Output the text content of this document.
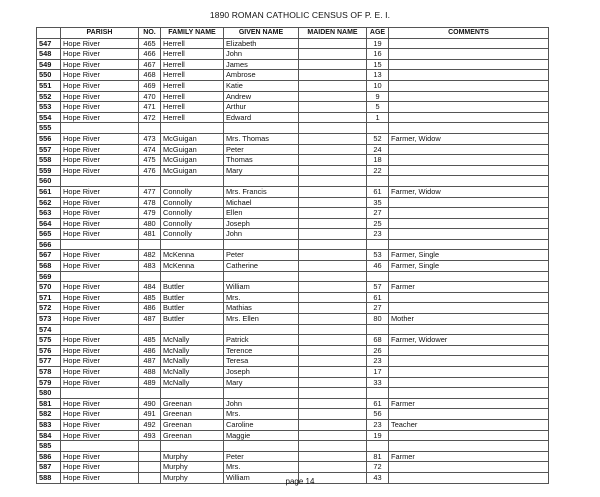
1890 ROMAN CATHOLIC CENSUS OF P. E. I.
	PARISH	NO.	FAMILY NAME	GIVEN NAME	MAIDEN NAME	AGE	COMMENTS
547	Hope River	465	Herrell	Elizabeth		19	
548	Hope River	466	Herrell	John		16	
549	Hope River	467	Herrell	James		15	
550	Hope River	468	Herrell	Ambrose		13	
551	Hope River	469	Herrell	Katie		10	
552	Hope River	470	Herrell	Andrew		9	
553	Hope River	471	Herrell	Arthur		5	
554	Hope River	472	Herrell	Edward		1	
555							
556	Hope River	473	McGuigan	Mrs. Thomas		52	Farmer, Widow
557	Hope River	474	McGuigan	Peter		24	
558	Hope River	475	McGuigan	Thomas		18	
559	Hope River	476	McGuigan	Mary		22	
560							
561	Hope River	477	Connolly	Mrs. Francis		61	Farmer, Widow
562	Hope River	478	Connolly	Michael		35	
563	Hope River	479	Connolly	Ellen		27	
564	Hope River	480	Connolly	Joseph		25	
565	Hope River	481	Connolly	John		23	
566							
567	Hope River	482	McKenna	Peter		53	Farmer, Single
568	Hope River	483	McKenna	Catherine		46	Farmer, Single
569							
570	Hope River	484	Buttler	William		57	Farmer
571	Hope River	485	Buttler	Mrs.		61	
572	Hope River	486	Buttler	Mathias		27	
573	Hope River	487	Buttler	Mrs. Ellen		80	Mother
574							
575	Hope River	485	McNally	Patrick		68	Farmer, Widower
576	Hope River	486	McNally	Terence		26	
577	Hope River	487	McNally	Teresa		23	
578	Hope River	488	McNally	Joseph		17	
579	Hope River	489	McNally	Mary		33	
580							
581	Hope River	490	Greenan	John		61	Farmer
582	Hope River	491	Greenan	Mrs.		56	
583	Hope River	492	Greenan	Caroline		23	Teacher
584	Hope River	493	Greenan	Maggie		19	
585							
586	Hope River		Murphy	Peter		81	Farmer
587	Hope River		Murphy	Mrs.		72	
588	Hope River		Murphy	William		43	
page 14
